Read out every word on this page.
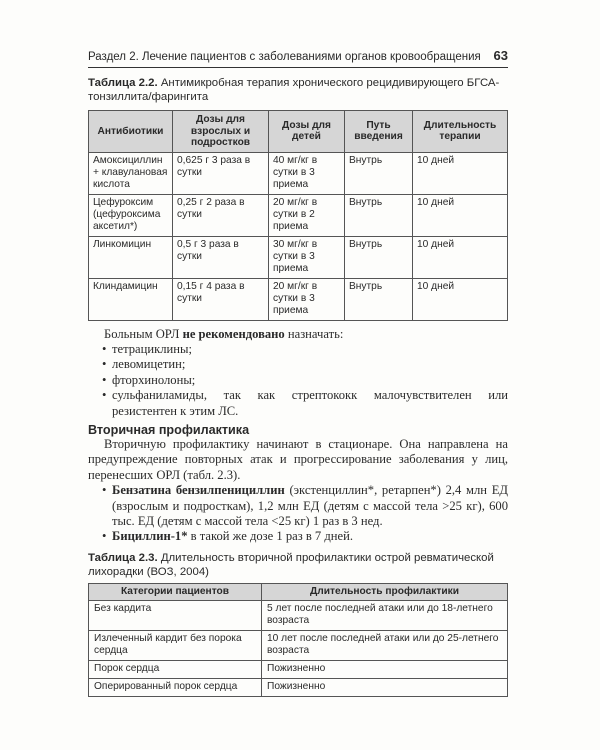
Раздел 2. Лечение пациентов с заболеваниями органов кровообращения 63
Таблица 2.2. Антимикробная терапия хронического рецидивирующего БГСА-тонзиллита/фарингита
Антибиотики	Дозы для взрослых и подростков	Дозы для детей	Путь введения	Длительность терапии
Амоксициллин + клавулановая кислота	0,625 г 3 раза в сутки	40 мг/кг в сутки в 3 приема	Внутрь	10 дней
Цефуроксим (цефуроксима аксетил*)	0,25 г 2 раза в сутки	20 мг/кг в сутки в 2 приема	Внутрь	10 дней
Линкомицин	0,5 г 3 раза в сутки	30 мг/кг в сутки в 3 приема	Внутрь	10 дней
Клиндамицин	0,15 г 4 раза в сутки	20 мг/кг в сутки в 3 приема	Внутрь	10 дней

Больным ОРЛ не рекомендовано назначать:

• тетрациклины;
• левомицетин;
• фторхинолоны;
• сульфаниламиды, так как стрептококк малочувствителен или резистентен к этим ЛС.
Вторичная профилактика

Вторичную профилактику начинают в стационаре. Она направлена на предупреждение повторных атак и прогрессирование заболевания у лиц, перенесших ОРЛ (табл. 2.3).

• Бензатина бензилпенициллин (экстенциллин*, ретарпен*) 2,4 млн ЕД (взрослым и подросткам), 1,2 млн ЕД (детям с массой тела >25 кг), 600 тыс. ЕД (детям с массой тела <25 кг) 1 раз в 3 нед.
• Бициллин-1* в такой же дозе 1 раз в 7 дней.
Таблица 2.3. Длительность вторичной профилактики острой ревматической лихорадки (ВОЗ, 2004)
Категории пациентов	Длительность профилактики
Без кардита	5 лет после последней атаки или до 18-летнего возраста
Излеченный кардит без порока сердца	10 лет после последней атаки или до 25-летнего возраста
Порок сердца	Пожизненно
Оперированный порок сердца	Пожизненно
